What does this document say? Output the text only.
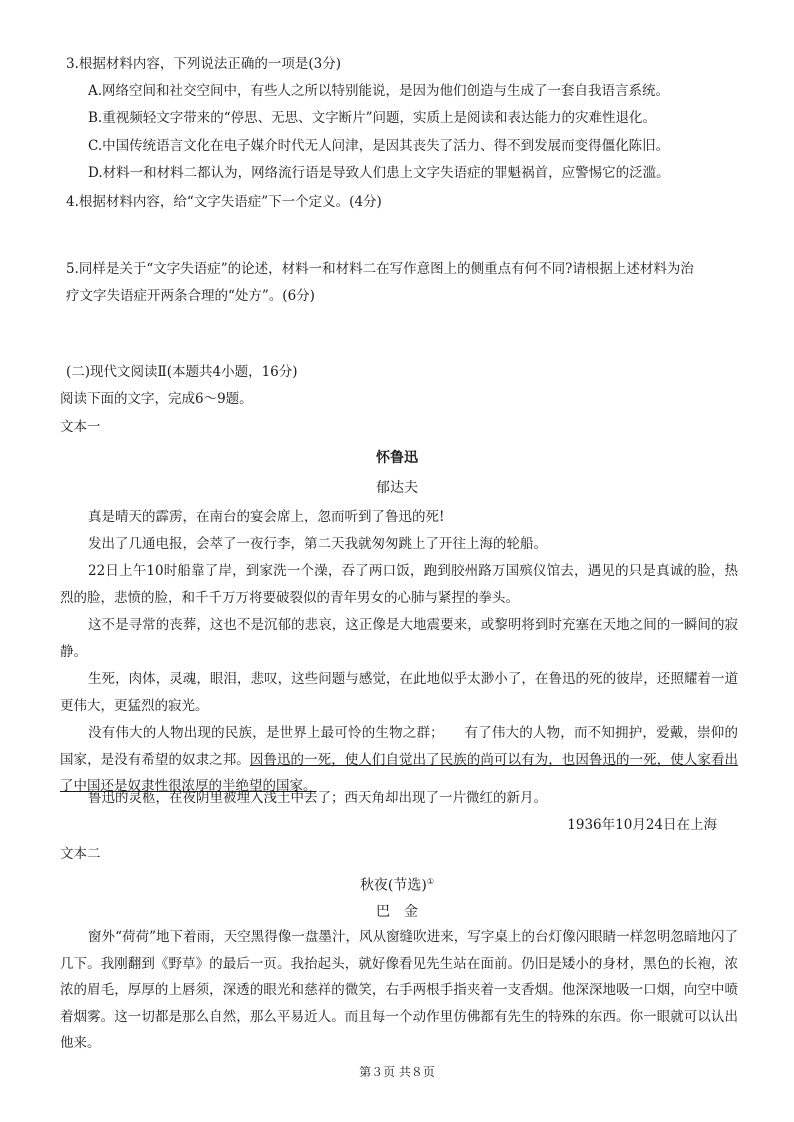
3.根据材料内容，下列说法正确的一项是(3分)
A.网络空间和社交空间中，有些人之所以特别能说，是因为他们创造与生成了一套自我语言系统。
B.重视频轻文字带来的“停思、无思、文字断片”问题，实质上是阅读和表达能力的灾难性退化。
C.中国传统语言文化在电子媒介时代无人问津，是因其丧失了活力、得不到发展而变得僵化陈旧。
D.材料一和材料二都认为，网络流行语是导致人们患上文字失语症的罪魁祸首，应警惕它的泛滥。
4.根据材料内容，给“文字失语症”下一个定义。(4分)
5.同样是关于“文字失语症”的论述，材料一和材料二在写作意图上的侧重点有何不同?请根据上述材料为治
疗文字失语症开两条合理的“处方”。(6分)
(二)现代文阅读Ⅱ(本题共4小题，16分)
阅读下面的文字，完成6～9题。
文本一
怀鲁迅
郁达夫
真是晴天的霹雳，在南台的宴会席上，忽而听到了鲁迅的死!
发出了几通电报，会萃了一夜行李，第二天我就匆匆跳上了开往上海的轮船。
22日上午10时船靠了岸，到家洗一个澡，吞了两口饭，跑到胶州路万国殡仪馆去，遇见的只是真诚的脸，热烈的脸，悲愤的脸，和千千万万将要破裂似的青年男女的心肺与紧捏的拳头。
这不是寻常的丧葬，这也不是沉郁的悲哀，这正像是大地震要来，或黎明将到时充塞在天地之间的一瞬间的寂静。
生死，肉体，灵魂，眼泪，悲叹，这些问题与感觉，在此地似乎太渺小了，在鲁迅的死的彼岸，还照耀着一道更伟大，更猛烈的寂光。
没有伟大的人物出现的民族，是世界上最可怜的生物之群；　　有了伟大的人物，而不知拥护，爱戴，崇仰的国家，是没有希望的奴隶之邦。因鲁迅的一死，使人们自觉出了民族的尚可以有为，也因鲁迅的一死，使人家看出了中国还是奴隶性很浓厚的半绝望的国家。
鲁迅的灵柩，在夜阴里被埋入浅土中去了；西天角却出现了一片微红的新月。
1936年10月24日在上海
文本二
秋夜(节选)①
巴　金
窗外“荷荷”地下着雨，天空黑得像一盘墨汁，风从窗缝吹进来，写字桌上的台灯像闪眼睛一样忽明忽暗地闪了几下。我刚翻到《野草》的最后一页。我抬起头，就好像看见先生站在面前。仍旧是矮小的身材，黑色的长袍，浓浓的眉毛，厚厚的上唇须，深透的眼光和慈祥的微笑，右手两根手指夹着一支香烟。他深深地吸一口烟，向空中喷着烟雾。这一切都是那么自然，那么平易近人。而且每一个动作里仿佛都有先生的特殊的东西。你一眼就可以认出他来。
第３页 共８页
